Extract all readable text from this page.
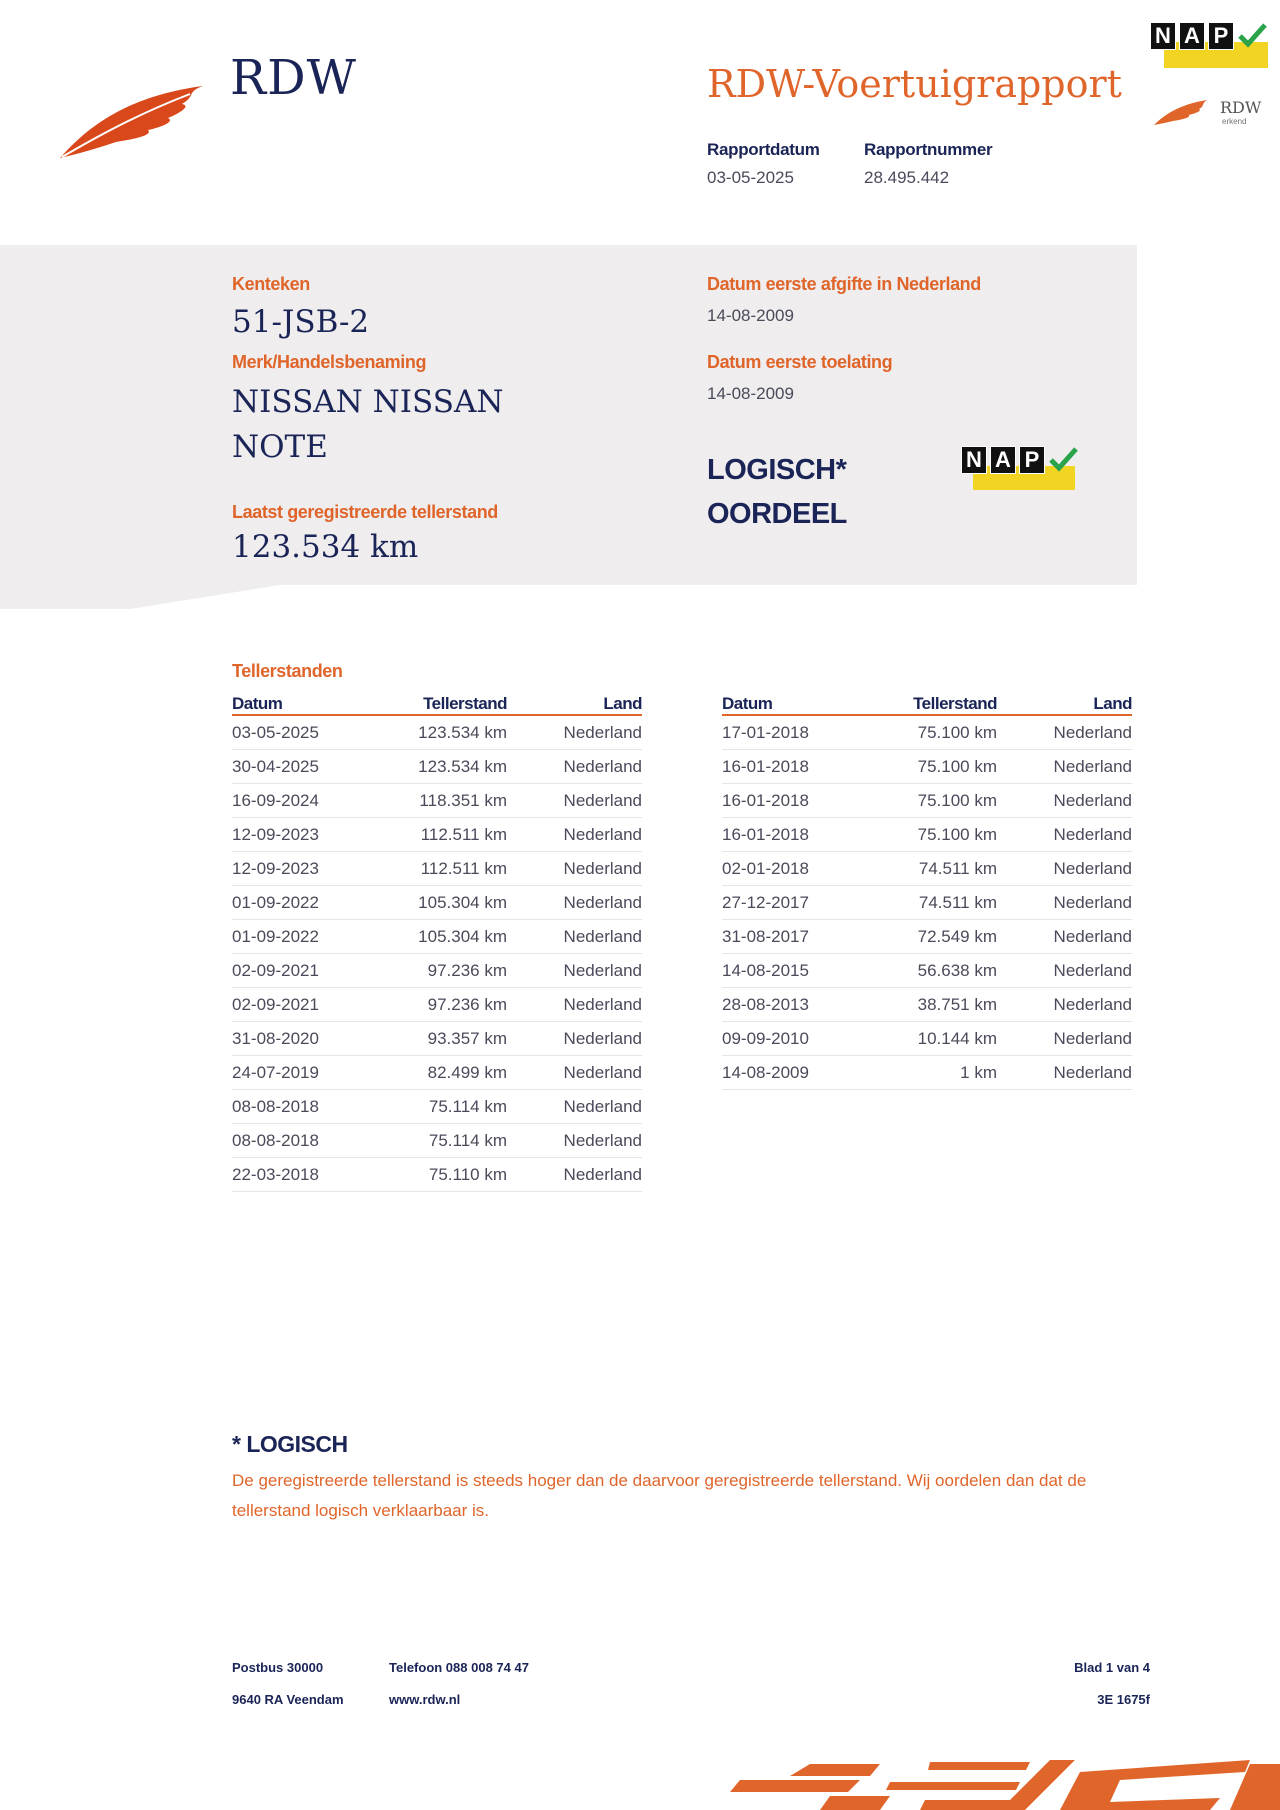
RDW	RDW-Voertuigrapport
Rapportdatum
03-05-2025
Rapportnummer
28.495.442
N A P
RDW
erkend
Kenteken
51-JSB-2
Merk/Handelsbenaming
NISSAN NISSAN
NOTE
Laatst geregistreerde tellerstand
123.534 km
Datum eerste afgifte in Nederland
14-08-2009
Datum eerste toelating
14-08-2009
LOGISCH*
OORDEEL
N A P
Tellerstanden
Datum	Tellerstand	Land
03-05-2025	123.534 km	Nederland
30-04-2025	123.534 km	Nederland
16-09-2024	118.351 km	Nederland
12-09-2023	112.511 km	Nederland
12-09-2023	112.511 km	Nederland
01-09-2022	105.304 km	Nederland
01-09-2022	105.304 km	Nederland
02-09-2021	97.236 km	Nederland
02-09-2021	97.236 km	Nederland
31-08-2020	93.357 km	Nederland
24-07-2019	82.499 km	Nederland
08-08-2018	75.114 km	Nederland
08-08-2018	75.114 km	Nederland
22-03-2018	75.110 km	Nederland
Datum	Tellerstand	Land
17-01-2018	75.100 km	Nederland
16-01-2018	75.100 km	Nederland
16-01-2018	75.100 km	Nederland
16-01-2018	75.100 km	Nederland
02-01-2018	74.511 km	Nederland
27-12-2017	74.511 km	Nederland
31-08-2017	72.549 km	Nederland
14-08-2015	56.638 km	Nederland
28-08-2013	38.751 km	Nederland
09-09-2010	10.144 km	Nederland
14-08-2009	1 km	Nederland
* LOGISCH
De geregistreerde tellerstand is steeds hoger dan de daarvoor geregistreerde tellerstand. Wij oordelen dan dat de tellerstand logisch verklaarbaar is.
Postbus 30000
9640 RA Veendam
Telefoon 088 008 74 47
www.rdw.nl
Blad 1 van 4
3E 1675f
